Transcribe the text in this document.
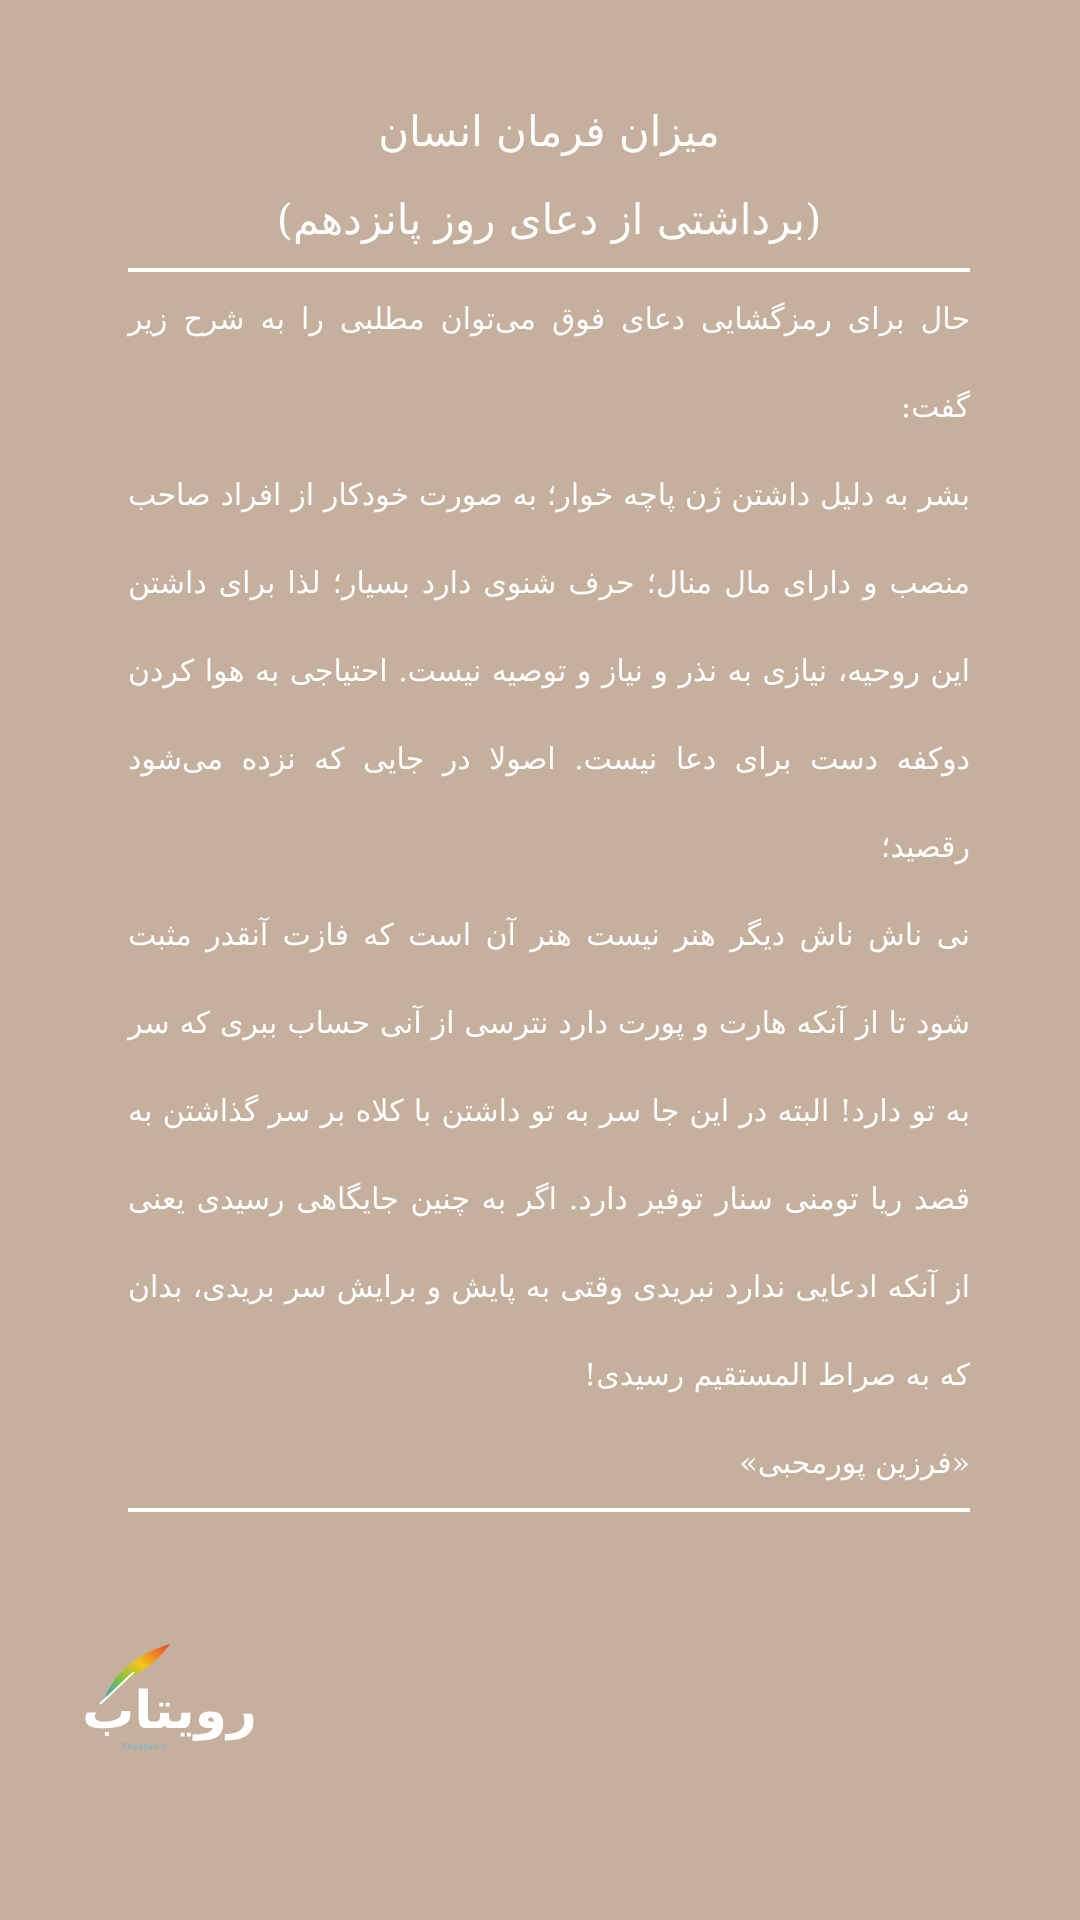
میزان فرمان انسان
(برداشتی از دعای روز پانزدهم)

حال برای رمزگشایی دعای فوق می‌توان مطلبی را به شرح زیر گفت:

بشر به دلیل داشتن ژن پاچه خوار؛ به صورت خودکار از افراد صاحب منصب و دارای مال منال؛ حرف شنوی دارد بسیار؛ لذا برای داشتن این روحیه، نیازی به نذر و نیاز و توصیه نیست. احتیاجی به هوا کردن دوکفه دست برای دعا نیست. اصولا در جایی که نزده می‌شود رقصید؛

نی ناش ناش دیگر هنر نیست هنر آن است که فازت آنقدر مثبت شود تا از آنکه هارت و پورت دارد نترسی از آنی حساب ببری که سر به تو دارد! البته در این جا سر به تو داشتن با کلاه بر سر گذاشتن به قصد ریا تومنی سنار توفیر دارد. اگر به چنین جایگاهی رسیدی یعنی از آنکه ادعایی ندارد نبریدی وقتی به پایش و برایش سر بریدی، بدان که به صراط المستقیم رسیدی!

«فرزین پورمحبی»
رویتاب
Royetab.ir
